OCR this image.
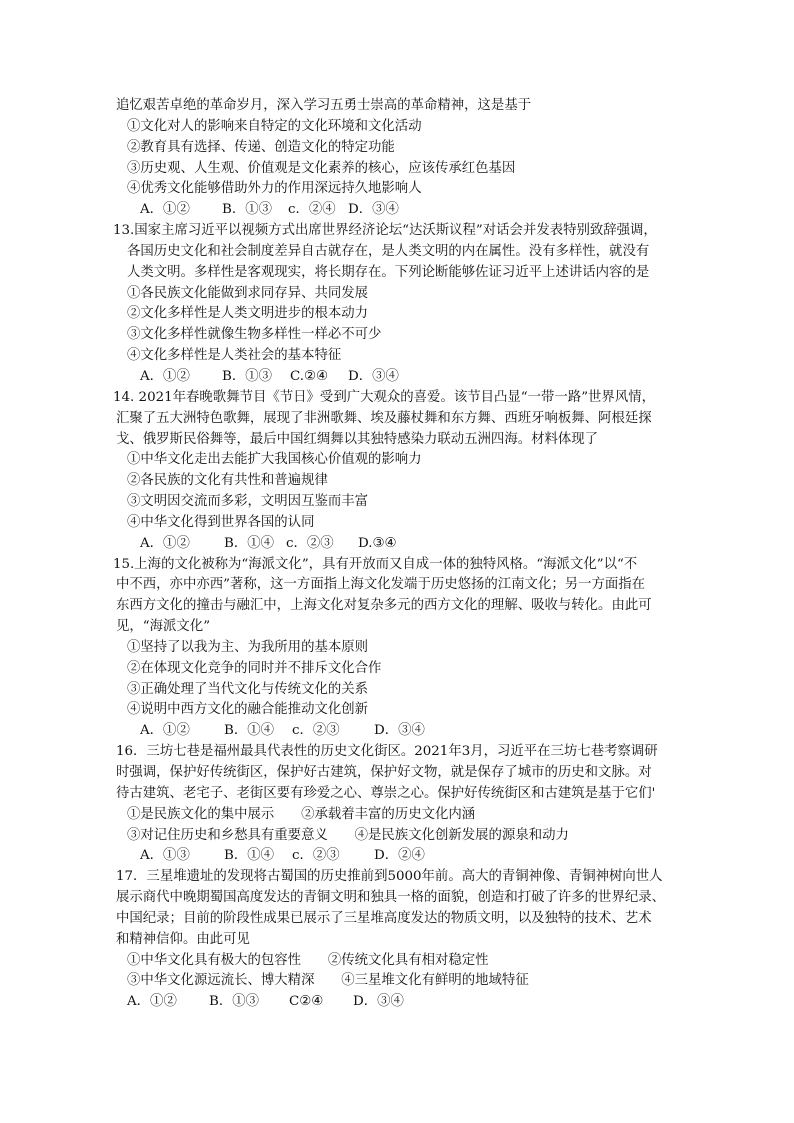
追忆艰苦卓绝的革命岁月，深入学习五勇士崇高的革命精神，这是基于
①文化对人的影响来自特定的文化环境和文化活动
②教育具有选择、传递、创造文化的特定功能
③历史观、人生观、价值观是文化素养的核心，应该传承红色基因
④优秀文化能够借助外力的作用深远持久地影响人
A．①② B．①③ c．②④ D．③④
13.国家主席习近平以视频方式出席世界经济论坛“达沃斯议程”对话会并发表特别致辞强调，
各国历史文化和社会制度差异自古就存在，是人类文明的内在属性。没有多样性，就没有
人类文明。多样性是客观现实，将长期存在。下列论断能够佐证习近平上述讲话内容的是
①各民族文化能做到求同存异、共同发展
②文化多样性是人类文明进步的根本动力
③文化多样性就像生物多样性一样必不可少
④文化多样性是人类社会的基本特征
A．①② B．①③ C.②④ D．③④
14. 2021年春晚歌舞节目《节日》受到广大观众的喜爱。该节目凸显“一带一路”世界风情，
汇聚了五大洲特色歌舞，展现了非洲歌舞、埃及藤杖舞和东方舞、西班牙响板舞、阿根廷探
戈、俄罗斯民俗舞等，最后中国红绸舞以其独特感染力联动五洲四海。材料体现了
①中华文化走出去能扩大我国核心价值观的影响力
②各民族的文化有共性和普遍规律
③文明因交流而多彩，文明因互鉴而丰富
④中华文化得到世界各国的认同
A．①②	B．①④ c．②③ D.③④
15.上海的文化被称为“海派文化”，具有开放而又自成一体的独特风格。“海派文化”以“不
中不西，亦中亦西”著称，这一方面指上海文化发端于历史悠扬的江南文化；另一方面指在
东西方文化的撞击与融汇中，上海文化对复杂多元的西方文化的理解、吸收与转化。由此可
见，“海派文化”
①坚持了以我为主、为我所用的基本原则
②在体现文化竞争的同时并不排斥文化合作
③正确处理了当代文化与传统文化的关系
④说明中西方文化的融合能推动文化创新
A．①②	B．①④ c．②③	D．③④
16．三坊七巷是福州最具代表性的历史文化街区。2021年3月，习近平在三坊七巷考察调研
时强调，保护好传统街区，保护好古建筑，保护好文物，就是保存了城市的历史和文脉。对
待古建筑、老宅子、老街区要有珍爱之心、尊崇之心。保护好传统街区和古建筑是基于它们'
①是民族文化的集中展示　　②承载着丰富的历史文化内涵
③对记住历史和乡愁具有重要意义　　④是民族文化创新发展的源泉和动力
A．①③	B．①④ c．②③	D．②④
17．三星堆遗址的发现将古蜀国的历史推前到5000年前。高大的青铜神像、青铜神树向世人
展示商代中晚期蜀国高度发达的青铜文明和独具一格的面貌，创造和打破了许多的世界纪录、
中国纪录；目前的阶段性成果已展示了三星堆高度发达的物质文明，以及独特的技术、艺术
和精神信仰。由此可见
①中华文化具有极大的包容性　　②传统文化具有相对稳定性
③中华文化源远流长、博大精深　　④三星堆文化有鲜明的地域特征
A．①② B．①③ C②④ D．③④
